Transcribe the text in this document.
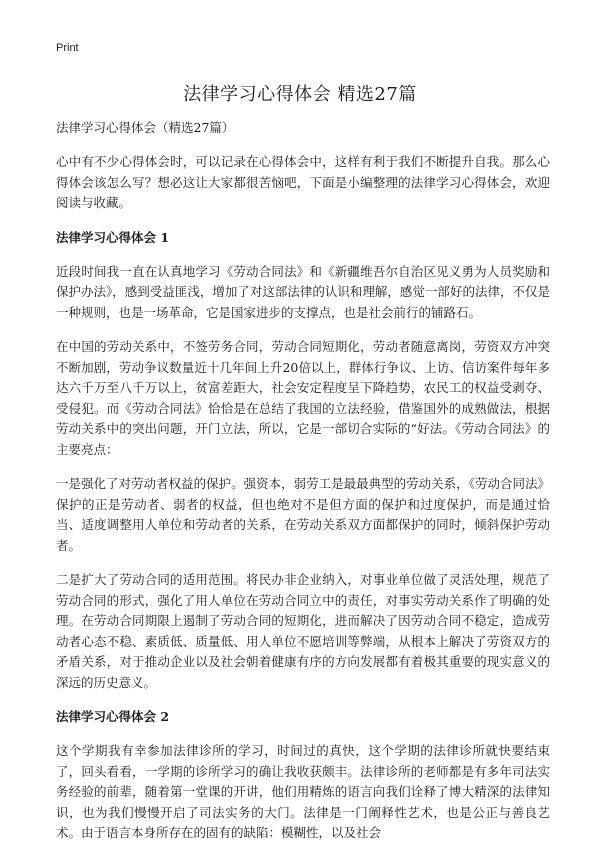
Print
法律学习心得体会 精选27篇

法律学习心得体会（精选27篇）

心中有不少心得体会时，可以记录在心得体会中，这样有利于我们不断提升自我。那么心得体会该怎么写？想必这让大家都很苦恼吧，下面是小编整理的法律学习心得体会，欢迎阅读与收藏。

法律学习心得体会 1

近段时间我一直在认真地学习《劳动合同法》和《新疆维吾尔自治区见义勇为人员奖励和保护办法》，感到受益匪浅，增加了对这部法律的认识和理解，感觉一部好的法律，不仅是一种规则，也是一场革命，它是国家进步的支撑点，也是社会前行的铺路石。

在中国的劳动关系中，不签劳务合同，劳动合同短期化，劳动者随意离岗，劳资双方冲突不断加剧，劳动争议数量近十几年间上升20倍以上，群体行争议、上访、信访案件每年多达六千万至八千万以上，贫富差距大，社会安定程度呈下降趋势，农民工的权益受剥夺、受侵犯。而《劳动合同法》恰恰是在总结了我国的立法经验，借鉴国外的成熟做法，根据劳动关系中的突出问题，开门立法，所以，它是一部切合实际的“好法。《劳动合同法》的主要亮点：

一是强化了对劳动者权益的保护。强资本，弱劳工是最最典型的劳动关系，《劳动合同法》保护的正是劳动者、弱者的权益，但也绝对不是但方面的保护和过度保护，而是通过恰当、适度调整用人单位和劳动者的关系，在劳动关系双方面都保护的同时，倾斜保护劳动者。

二是扩大了劳动合同的适用范围。将民办非企业纳入，对事业单位做了灵活处理，规范了劳动合同的形式，强化了用人单位在劳动合同立中的责任，对事实劳动关系作了明确的处理。在劳动合同期限上遏制了劳动合同的短期化，进而解决了因劳动合同不稳定，造成劳动者心态不稳、素质低、质量低、用人单位不愿培训等弊端，从根本上解决了劳资双方的矛盾关系，对于推动企业以及社会朝着健康有序的方向发展都有着极其重要的现实意义的深远的历史意义。

法律学习心得体会 2

这个学期我有幸参加法律诊所的学习，时间过的真快，这个学期的法律诊所就快要结束了，回头看看，一学期的诊所学习的确让我收获颇丰。法律诊所的老师都是有多年司法实务经验的前辈，随着第一堂课的开讲，他们用精炼的语言向我们诠释了博大精深的法律知识，也为我们慢慢开启了司法实务的大门。法律是一门阐释性艺术，也是公正与善良艺术。由于语言本身所存在的固有的缺陷：模糊性，以及社会
